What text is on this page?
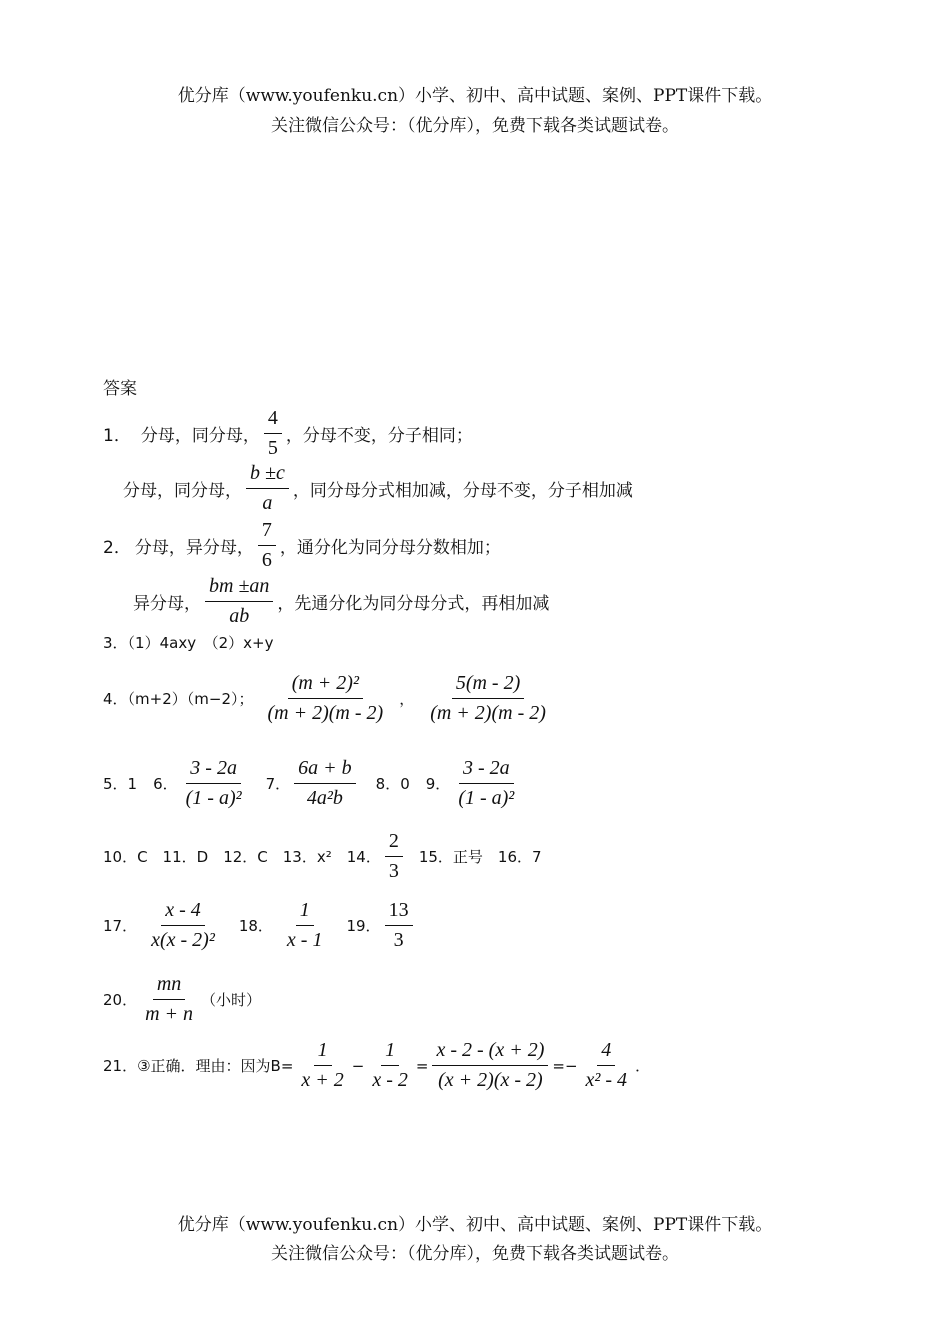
优分库（www.youfenku.cn）小学、初中、高中试题、案例、PPT课件下载。
关注微信公众号：（优分库），免费下载各类试题试卷。
答案
1． 分母，同分母， $\frac{4}{5}$ ，分母不变，分子相同；
分母，同分母， $\frac{b \pm c}{a}$ ，同分母分式相加减，分母不变，分子相加减
2． 分母，异分母， $\frac{7}{6}$ ，通分化为同分母分数相加；
异分母， $\frac{bm \pm an}{ab}$ ，先通分化为同分母分式，再相加减
3．（1）4axy　（2）x+y
4．（m+2）（m−2）； $\frac{\text{(m + 2)²}}{(m + 2)(m - 2)}$ ， $\frac{5(m - 2)}{(m + 2)(m - 2)}$
5．1 6． $\frac{3 - 2a}{\text{(1 - a)²}} 7$． $\frac{6a + b}{\text{4a²b}} 8$．0 9． $\frac{3 - 2a}{\text{(1 - a)²}}$
10．C　11．D　12．C　13．x²　14． $\frac{2}{3} 15$．正号　16．7
17． $\frac{x - 4}{\text{x(x - 2)²}} 18$． $\frac{1}{x - 1} 19$． $\frac{13}{3}$
20． $\frac{mn}{m + n}$ （小时）
21．③正确．理由：因为$B= \frac{1}{x + 2} - \frac{1}{x - 2} = \frac{x - 2 - (x + 2)}{(x + 2)(x - 2)} =- \frac{4}{\text{x² - 4}}$ ．
优分库（www.youfenku.cn）小学、初中、高中试题、案例、PPT课件下载。
关注微信公众号：（优分库），免费下载各类试题试卷。
